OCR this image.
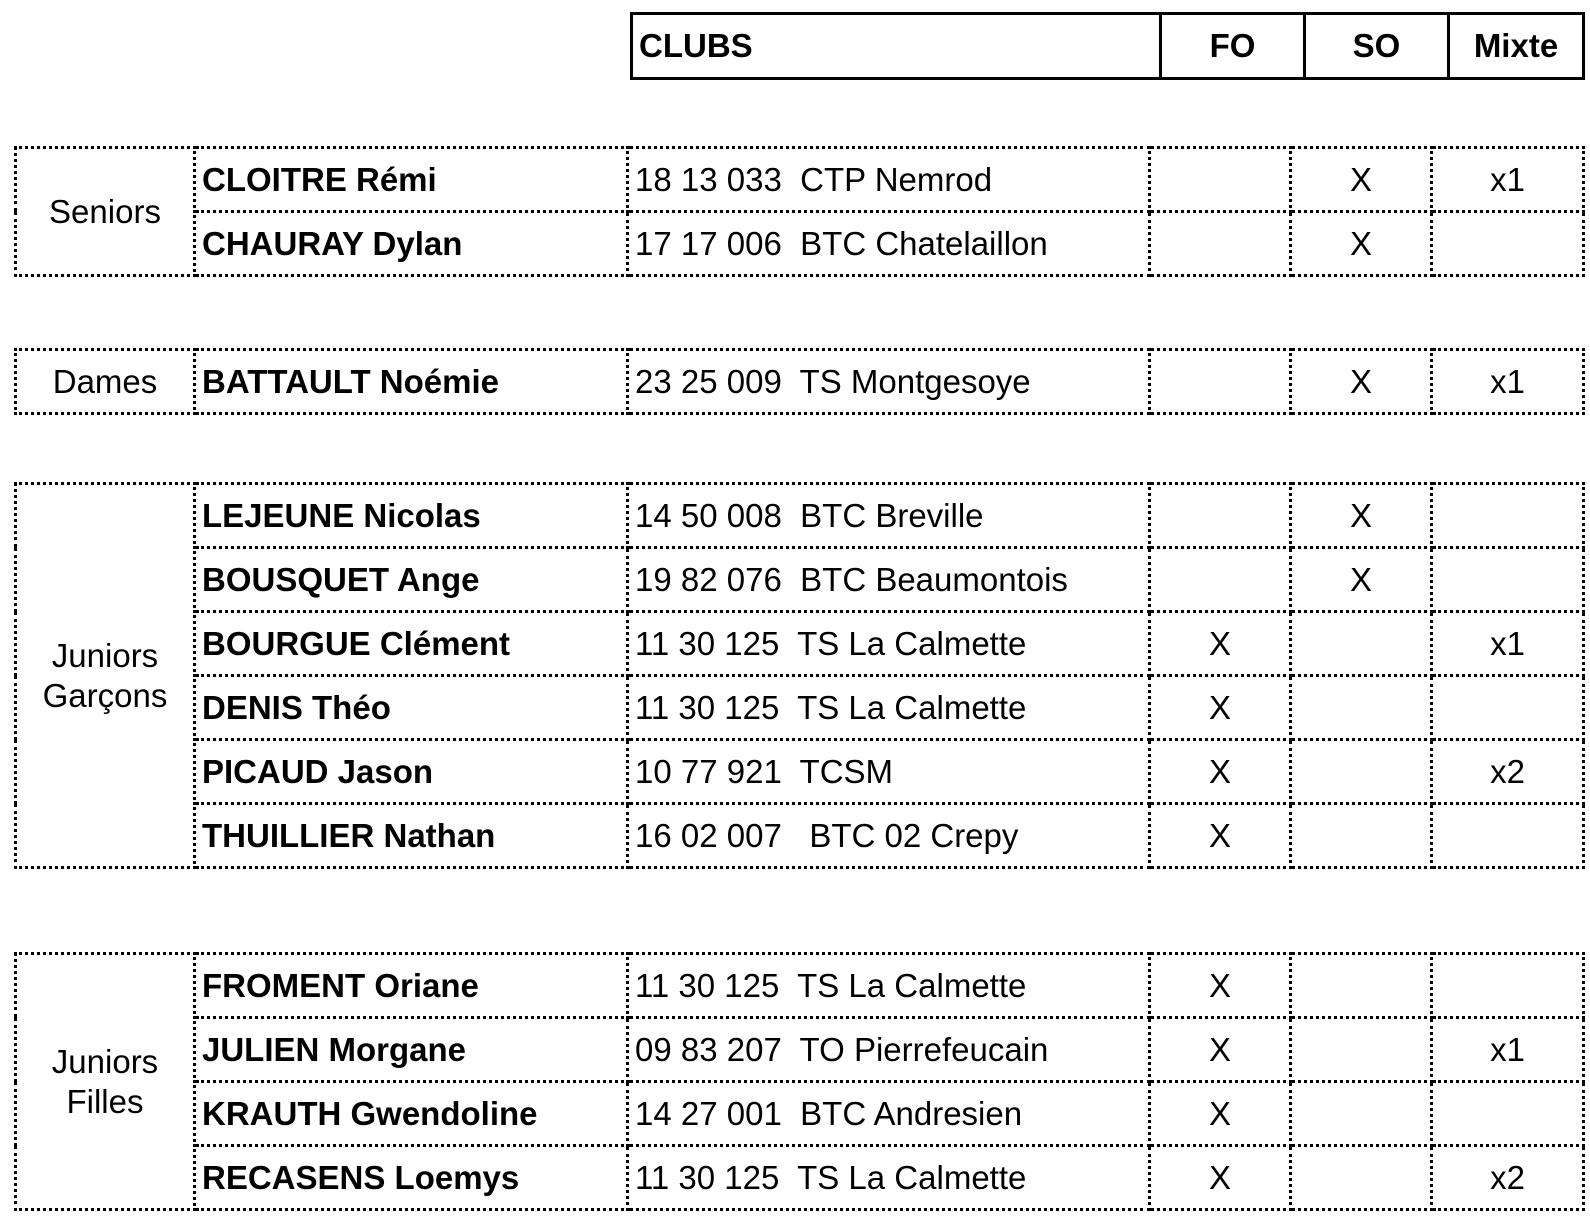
CLUBS	FO	SO	Mixte
Seniors	CLOITRE Rémi	18 13 033  CTP Nemrod		X	x1
	CHAURAY Dylan	17 17 006  BTC Chatelaillon		X	
Dames	BATTAULT Noémie	23 25 009  TS Montgesoye		X	x1
Juniors Garçons	LEJEUNE Nicolas	14 50 008  BTC Breville		X	
	BOUSQUET Ange	19 82 076  BTC Beaumontois		X	
	BOURGUE Clément	11 30 125  TS La Calmette	X		x1
	DENIS Théo	11 30 125  TS La Calmette	X		
	PICAUD Jason	10 77 921  TCSM	X		x2
	THUILLIER Nathan	16 02 007   BTC 02 Crepy	X		
Juniors Filles	FROMENT Oriane	11 30 125  TS La Calmette	X		
	JULIEN Morgane	09 83 207  TO Pierrefeucain	X		x1
	KRAUTH Gwendoline	14 27 001  BTC Andresien	X		
	RECASENS Loemys	11 30 125  TS La Calmette	X		x2
